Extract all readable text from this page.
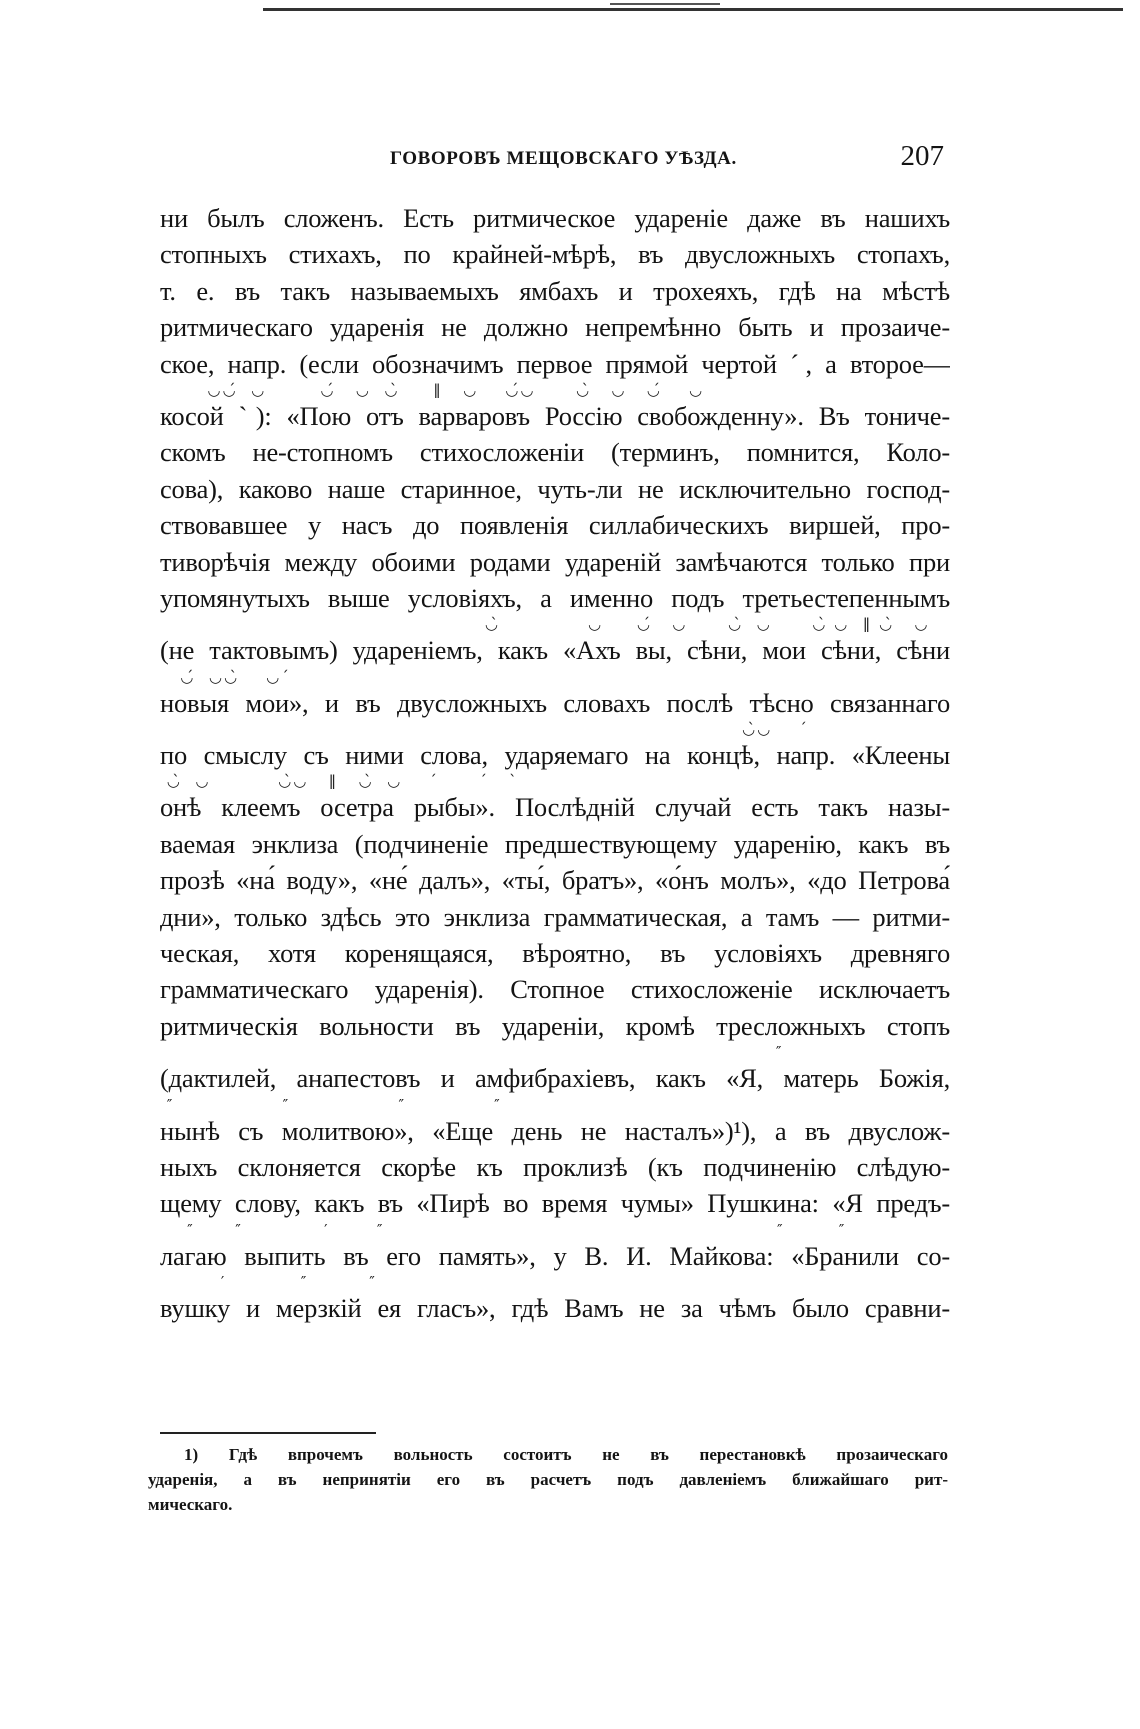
ГОВОРОВЪ МЕЩОВСКАГО УѢЗДА.	207
ни былъ сложенъ. Есть ритмическое удареніе даже въ нашихъ
стопныхъ стихахъ, по крайней-мѣрѣ, въ двусложныхъ стопахъ,
т. е. въ такъ называемыхъ ямбахъ и трохеяхъ, гдѣ на мѣстѣ
ритмическаго ударенія не должно непремѣнно быть и прозаиче-
ское, напр. (если обозначимъ первое прямой чертой ˊ, а второе—
◡◡́  ◡        ◡́   ◡  ◡̀     ‖   ◡    ◡́◡      ◡̀   ◡   ◡́    ◡
косой ˋ): «Пою отъ варваровъ Россію свобожденну». Въ тониче-
скомъ не-стопномъ стихосложеніи (терминъ, помнится, Коло-
сова), каково наше старинное, чуть-ли не исключительно господ-
ствовавшее у насъ до появленія силлабическихъ виршей, про-
тиворѣчія между обоими родами удареній замѣчаются только при
упомянутыхъ выше условіяхъ, а именно подъ третьестепеннымъ
◡̀             ◡     ◡́   ◡      ◡̀  ◡      ◡̀ ◡  ‖ ◡̀   ◡
(не тактовымъ) удареніемъ, какъ «Ахъ вы, сѣни, мои сѣни, сѣни
◡́  ◡◡̀    ◡ˊ
новыя мои», и въ двусложныхъ словахъ послѣ тѣсно связаннаго
◡̀◡    ˊ
по смыслу съ ними слова, ударяемаго на концѣ, напр. «Клеены
◡̀  ◡          ◡̀◡   ‖   ◡̀  ◡    ˊ      ˊ   ˋ
онѣ клеемъ осетра рыбы». Послѣдній случай есть такъ назы-
ваемая энклиза (подчиненіе предшествующему ударенію, какъ въ
прозѣ «на́ воду», «не́ далъ», «ты́, братъ», «о́нъ молъ», «до Петрова́
дни», только здѣсь это энклиза грамматическая, а тамъ — ритми-
ческая, хотя коренящаяся, вѣроятно, въ условіяхъ древняго
грамматическаго ударенія). Стопное стихосложеніе исключаетъ
ритмическія вольности въ удареніи, кромѣ тресложныхъ стопъ
″
(дактилей, анапестовъ и амфибрахіевъ, какъ «Я, матерь Божія,
″                ″                ″             ″
нынѣ съ молитвою», «Еще день не насталъ»)¹), а въ двуслож-
ныхъ склоняется скорѣе къ проклизѣ (къ подчиненію слѣдую-
щему слову, какъ въ «Пирѣ во время чумы» Пушкина: «Я предъ-
″      ″            ′       ″                                                          ″        ″
лагаю выпить въ его память», у В. И. Майкова: «Бранили со-
′           ″         ″
вушку и мерзкій ея гласъ», гдѣ Вамъ не за чѣмъ было сравни-
1) Гдѣ впрочемъ вольность состоитъ не въ перестановкѣ прозаическаго
ударенія, а въ непринятіи его въ расчетъ подъ давленіемъ ближайшаго рит-
мическаго.
